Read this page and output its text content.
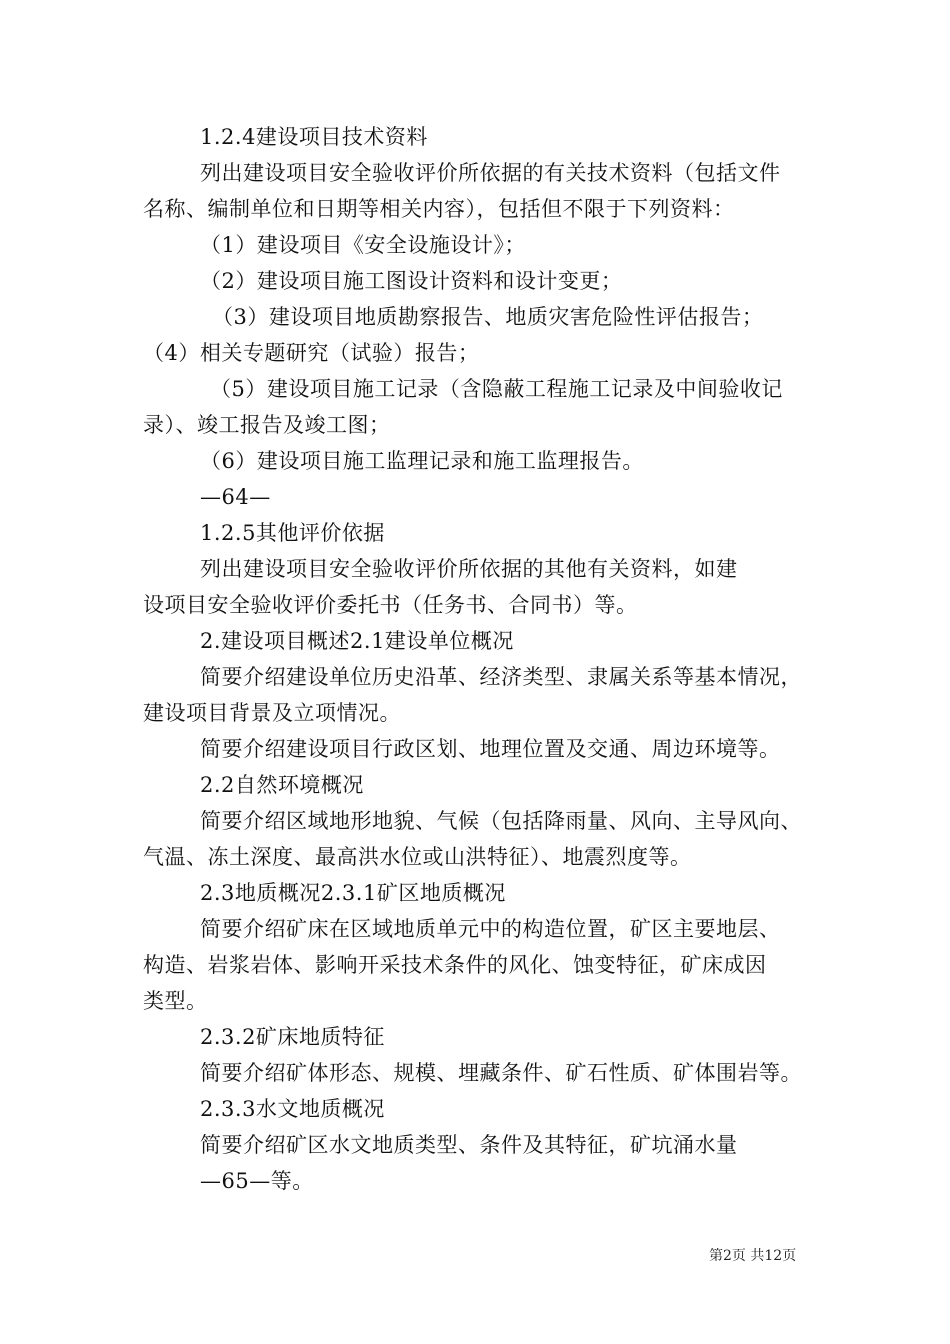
1.2.4建设项目技术资料
列出建设项目安全验收评价所依据的有关技术资料（包括文件
名称、编制单位和日期等相关内容），包括但不限于下列资料：
（1）建设项目《安全设施设计》；
（2）建设项目施工图设计资料和设计变更；
（3）建设项目地质勘察报告、地质灾害危险性评估报告；
（4）相关专题研究（试验）报告；
（5）建设项目施工记录（含隐蔽工程施工记录及中间验收记
录）、竣工报告及竣工图；
（6）建设项目施工监理记录和施工监理报告。
—64—
1.2.5其他评价依据
列出建设项目安全验收评价所依据的其他有关资料，如建
设项目安全验收评价委托书（任务书、合同书）等。
2.建设项目概述2.1建设单位概况
简要介绍建设单位历史沿革、经济类型、隶属关系等基本情况，
建设项目背景及立项情况。
简要介绍建设项目行政区划、地理位置及交通、周边环境等。
2.2自然环境概况
简要介绍区域地形地貌、气候（包括降雨量、风向、主导风向、
气温、冻土深度、最高洪水位或山洪特征）、地震烈度等。
2.3地质概况2.3.1矿区地质概况
简要介绍矿床在区域地质单元中的构造位置，矿区主要地层、
构造、岩浆岩体、影响开采技术条件的风化、蚀变特征，矿床成因
类型。
2.3.2矿床地质特征
简要介绍矿体形态、规模、埋藏条件、矿石性质、矿体围岩等。
2.3.3水文地质概况
简要介绍矿区水文地质类型、条件及其特征，矿坑涌水量
—65—等。
第2页 共12页
